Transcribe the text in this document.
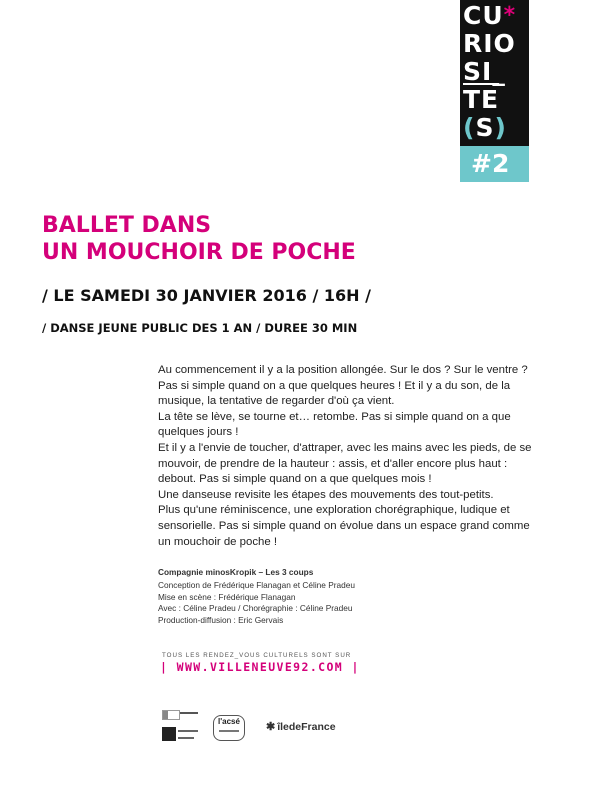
CU*
RIO
SI_
$\overline{TE}$
(S)
#2
BALLET DANS
UN MOUCHOIR DE POCHE
/ LE SAMEDI 30 JANVIER 2016 / 16H /
/ DANSE JEUNE PUBLIC DES 1 AN / DUREE 30 MIN

Au commencement il y a la position allongée. Sur le dos ? Sur le ventre ? Pas si simple quand on a que quelques heures ! Et il y a du son, de la musique, la tentative de regarder d'où ça vient.

La tête se lève, se tourne et… retombe. Pas si simple quand on a que quelques jours !

Et il y a l'envie de toucher, d'attraper, avec les mains avec les pieds, de se mouvoir, de prendre de la hauteur : assis, et d'aller encore plus haut : debout. Pas si simple quand on a que quelques mois !

Une danseuse revisite les étapes des mouvements des tout-petits.

Plus qu'une réminiscence, une exploration chorégraphique, ludique et sensorielle. Pas si simple quand on évolue dans un espace grand comme un mouchoir de poche !

Compagnie minosKropik – Les 3 coups
Conception de Frédérique Flanagan et Céline Pradeu
Mise en scène : Frédérique Flanagan
Avec : Céline Pradeu / Chorégraphie : Céline Pradeu
Production-diffusion : Eric Gervais
TOUS LES RENDEZ_VOUS CULTURELS SONT SUR
| WWW.VILLENEUVE92.COM |
l'acsé	✱ îledeFrance
